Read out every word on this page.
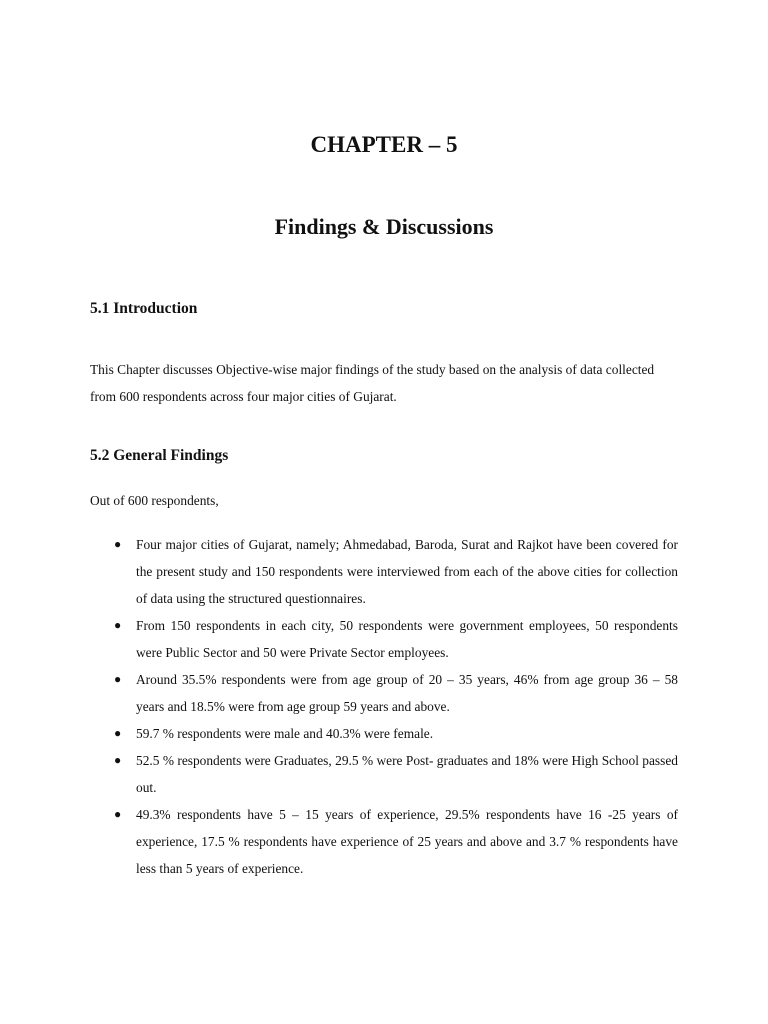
CHAPTER – 5
Findings & Discussions
5.1 Introduction

This Chapter discusses Objective-wise major findings of the study based on the analysis of data collected from 600 respondents across four major cities of Gujarat.

5.2 General Findings

Out of 600 respondents,

● Four major cities of Gujarat, namely; Ahmedabad, Baroda, Surat and Rajkot have been covered for the present study and 150 respondents were interviewed from each of the above cities for collection of data using the structured questionnaires.
● From 150 respondents in each city, 50 respondents were government employees, 50 respondents were Public Sector and 50 were Private Sector employees.
● Around 35.5% respondents were from age group of 20 – 35 years, 46% from age group 36 – 58 years and 18.5% were from age group 59 years and above.
● 59.7 % respondents were male and 40.3% were female.
● 52.5 % respondents were Graduates, 29.5 % were Post- graduates and 18% were High School passed out.
● 49.3% respondents have 5 – 15 years of experience, 29.5% respondents have 16 -25 years of experience, 17.5 % respondents have experience of 25 years and above and 3.7 % respondents have less than 5 years of experience.
